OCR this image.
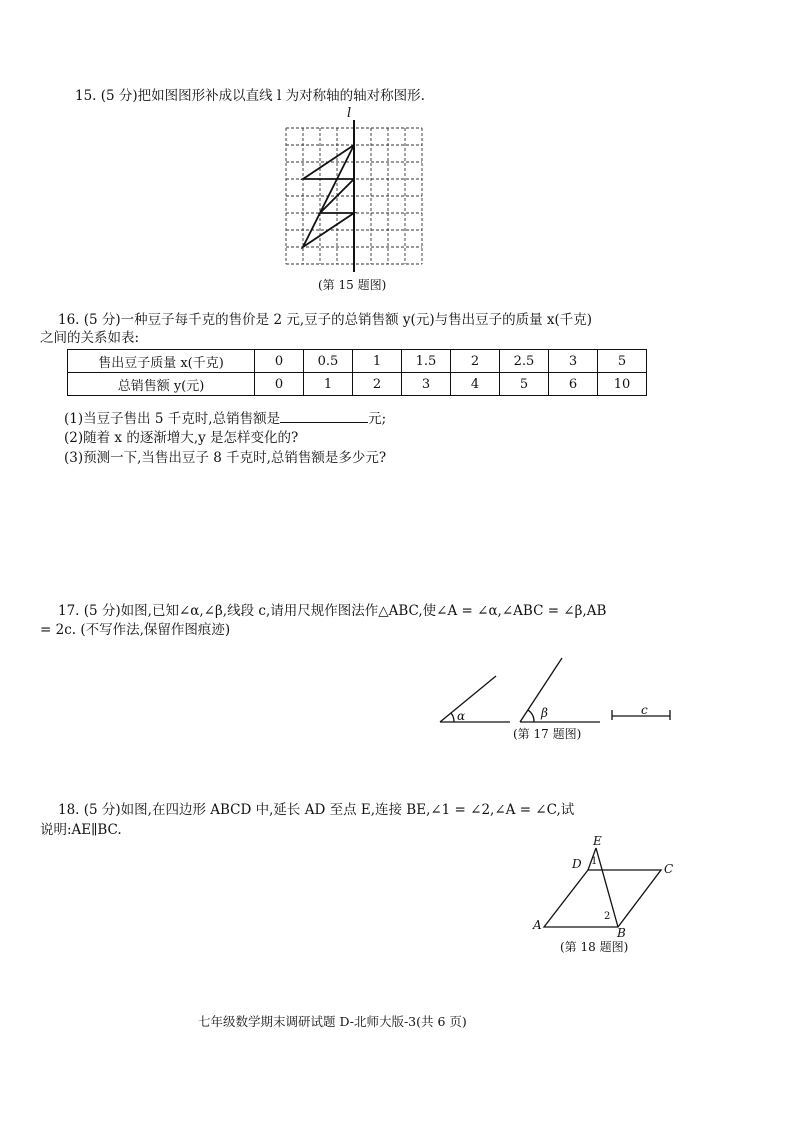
15. (5 分)把如图图形补成以直线 l 为对称轴的轴对称图形.
l
(第 15 题图)
16. (5 分)一种豆子每千克的售价是 2 元,豆子的总销售额 y(元)与售出豆子的质量 x(千克)
之间的关系如表:
售出豆子质量 x(千克)	0	0.5	1	1.5	2	2.5	3	5
总销售额 y(元)	0	1	2	3	4	5	6	10
(1)当豆子售出 5 千克时,总销售额是	元;
(2)随着 x 的逐渐增大,y 是怎样变化的?
(3)预测一下,当售出豆子 8 千克时,总销售额是多少元?
17. (5 分)如图,已知∠α,∠β,线段 c,请用尺规作图法作△ABC,使∠A = ∠α,∠ABC = ∠β,AB
= 2c. (不写作法,保留作图痕迹)
α	β	c
(第 17 题图)
18. (5 分)如图,在四边形 ABCD 中,延长 AD 至点 E,连接 BE,∠1 = ∠2,∠A = ∠C,试
说明:AE∥BC.
E
D 1
C
2
A
B
(第 18 题图)
七年级数学期末调研试题 D-北师大版-3(共 6 页)
